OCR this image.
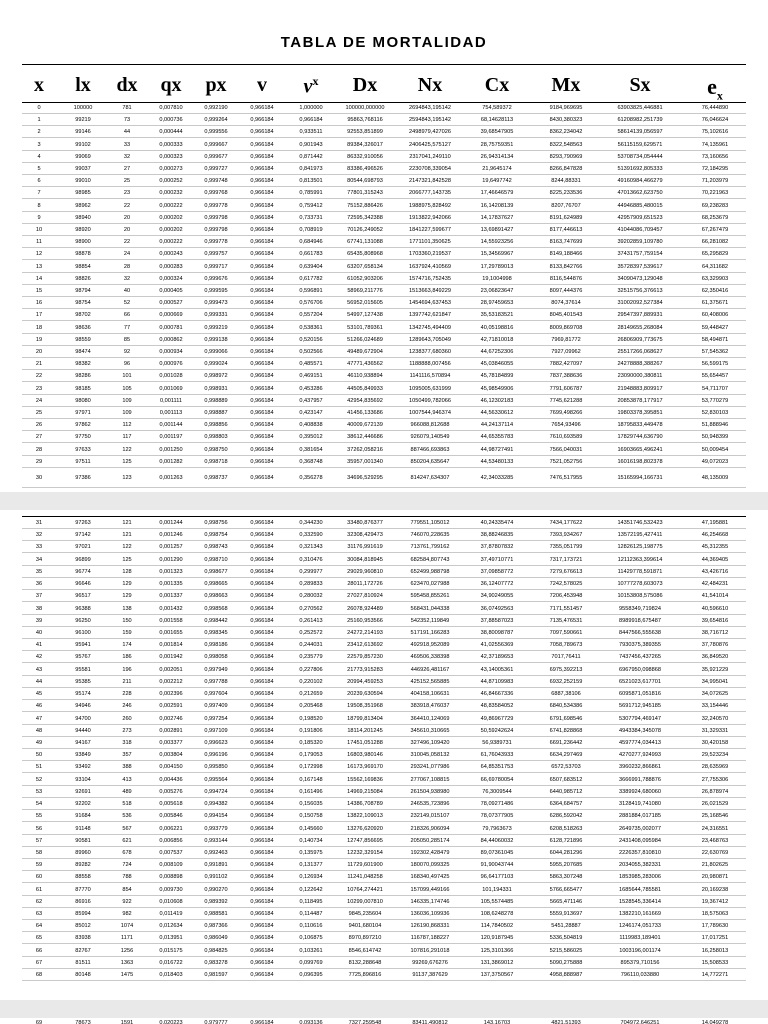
TABLA DE MORTALIDAD
x lx dx qx px v $v^x$ Dx Nx Cx Mx Sx	$e_x$
0	100000	781	0,007810	0,992190	0,966184	1,000000	100000,000000	2694843,195142	754,589372	9184,969695	63903825,446881	76,444890
1	99219	73	0,000736	0,999264	0,966184	0,966184	95863,768116	2594843,195142	68,14628113	8430,380323	61208982,251739	76,046624
2	99146	44	0,000444	0,999556	0,966184	0,933511	92553,851899	2498979,427026	39,68547905	8362,234042	58614139,056597	75,102616
3	99102	33	0,000333	0,999667	0,966184	0,901943	89384,326017	2406425,575127	28,75759351	8322,548563	56115159,629571	74,135961
4	99069	32	0,000323	0,999677	0,966184	0,871442	86332,910056	2317041,249110	26,94314134	8293,790969	53708734,054444	73,160656
5	99037	27	0,000273	0,999727	0,966184	0,841973	83386,496526	2230708,339054	21,9645174	8266,847828	51391692,805333	72,184295
6	99010	25	0,000252	0,999748	0,966184	0,813501	80544,698793	2147321,842528	19,6497742	8244,88331	49160984,466279	71,203979
7	98985	23	0,000232	0,999768	0,966184	0,785991	77801,315243	2066777,143735	17,46646579	8225,233536	47013662,623750	70,221963
8	98962	22	0,000222	0,999778	0,966184	0,759412	75152,886426	1988975,828492	16,14208139	8207,76707	44946885,480015	69,238283
9	98940	20	0,000202	0,999798	0,966184	0,733731	72595,342388	1913822,942066	14,17837627	8191,624989	42957909,651523	68,253679
10	98920	20	0,000202	0,999798	0,966184	0,708919	70126,249052	1841227,599677	13,69891427	8177,446613	41044086,709457	67,267479
11	98900	22	0,000222	0,999778	0,966184	0,684946	67741,131088	1771101,350625	14,55923256	8163,747699	39202859,109780	66,281082
12	98878	24	0,000243	0,999757	0,966184	0,661783	65435,808968	1703360,219537	15,34569967	8149,188466	37431757,759154	65,295829
13	98854	28	0,000283	0,999717	0,966184	0,639404	63207,658134	1637924,410569	17,29789013	8133,842766	35728397,539617	64,311682
14	98826	32	0,000324	0,999676	0,966184	0,617782	61052,903206	1574716,752435	19,1004998	8116,544876	34090473,129048	63,329903
15	98794	40	0,000405	0,999595	0,966184	0,596891	58969,211776	1513663,849229	23,06823647	8097,444376	32515756,376613	62,350416
16	98754	52	0,000527	0,999473	0,966184	0,576706	56952,015605	1454694,637453	28,97459653	8074,37614	31002092,527384	61,375671
17	98702	66	0,000669	0,999331	0,966184	0,557204	54997,127438	1397742,621847	35,53183521	8045,401543	29547397,889931	60,408006
18	98636	77	0,000781	0,999219	0,966184	0,538361	53101,789361	1342745,494409	40,05198816	8009,869708	28149655,268084	59,448427
19	98559	85	0,000862	0,999138	0,966184	0,520156	51266,024689	1289643,705049	42,71810018	7969,81772	26806909,773675	58,494871
20	98474	92	0,000934	0,999066	0,966184	0,502566	49489,672904	1238377,680360	44,67252306	7927,09962	25517266,068627	57,545362
21	98382	96	0,000976	0,999024	0,966184	0,485571	47771,436562	1188888,007456	45,03846055	7882,427097	24278888,388267	56,599175
22	98286	101	0,001028	0,998972	0,966184	0,469151	46110,938894	1141116,570894	45,78184899	7837,388636	23090000,380811	55,654457
23	98185	105	0,001069	0,998931	0,966184	0,453286	44505,849933	1095005,631999	45,98549906	7791,606787	21948883,809917	54,711707
24	98080	109	0,001111	0,998889	0,966184	0,437957	42954,835692	1050499,782066	46,12302183	7745,621288	20853878,177917	53,770279
25	97971	109	0,001113	0,998887	0,966184	0,423147	41456,133686	1007544,946374	44,56330612	7699,498266	19803378,395851	52,830103
26	97862	112	0,001144	0,998856	0,966184	0,408838	40009,672139	966088,812688	44,24137114	7654,93496	18795833,449478	51,888946
27	97750	117	0,001197	0,998803	0,966184	0,395012	38612,446686	926079,140549	44,65355783	7610,693589	17829744,636790	50,948399
28	97633	122	0,001250	0,998750	0,966184	0,381654	37262,058216	887466,693863	44,98727491	7566,040031	16903665,496241	50,009454
29	97511	125	0,001282	0,998718	0,966184	0,368748	35957,001340	850204,635647	44,53480133	7521,052756	16016198,802378	49,072023
30	97386	123	0,001263	0,998737	0,966184	0,356278	34696,529295	814247,634307	42,34033285	7476,517955	15165994,166731	48,135009
31	97263	121	0,001244	0,998756	0,966184	0,344230	33480,876377	779551,105012	40,24335474	7434,177622	14351746,532423	47,195881
32	97142	121	0,001246	0,998754	0,966184	0,332590	32308,429473	746070,228635	38,88246835	7393,934267	13572195,427411	46,254668
33	97021	122	0,001257	0,998743	0,966184	0,321343	31176,991619	713761,799162	37,87807832	7355,051799	12826125,198775	45,312355
34	96899	125	0,001290	0,998710	0,966184	0,310476	30084,818945	682584,807743	37,49710771	7317,173721	12112363,399614	44,369405
35	96774	128	0,001323	0,998677	0,966184	0,299977	29029,960810	652499,988798	37,09858772	7279,676613	11429778,591871	43,426716
36	96646	129	0,001335	0,998665	0,966184	0,289833	28011,172726	623470,027988	36,12407772	7242,578025	10777278,603073	42,484231
37	96517	129	0,001337	0,998663	0,966184	0,280032	27027,810924	595458,855261	34,90249055	7206,453948	10153808,575086	41,541014
38	96388	138	0,001432	0,998568	0,966184	0,270562	26078,924489	568431,044338	36,07492563	7171,551457	9558349,719824	40,596610
39	96250	150	0,001558	0,998442	0,966184	0,261413	25160,953566	542352,119849	37,88587023	7135,476531	8989918,675487	39,654816
40	96100	159	0,001655	0,998345	0,966184	0,252572	24272,214193	517191,166283	38,80098787	7097,590661	8447566,555638	38,716712
41	95941	174	0,001814	0,998186	0,966184	0,244031	23412,613692	492918,952089	41,02556369	7058,789673	7930375,389355	37,780876
42	95767	186	0,001942	0,998058	0,966184	0,235779	22579,857230	469506,338398	42,37189653	7017,76411	7437456,437265	36,849520
43	95581	196	0,002051	0,997949	0,966184	0,227806	21773,915283	446926,481167	43,14005361	6975,392213	6967950,098868	35,921229
44	95385	211	0,002212	0,997788	0,966184	0,220102	20994,459253	425152,565885	44,87109983	6932,252159	6521023,617701	34,995041
45	95174	228	0,002396	0,997604	0,966184	0,212659	20239,630594	404158,106631	46,84667336	6887,38106	6095871,051816	34,072625
46	94946	246	0,002591	0,997409	0,966184	0,205468	19508,351968	383918,476037	48,83584052	6840,534386	5691712,945185	33,154446
47	94700	260	0,002746	0,997254	0,966184	0,198520	18799,813404	364410,124069	49,86967729	6791,698546	5307794,469147	32,240570
48	94440	273	0,002891	0,997109	0,966184	0,191806	18114,201245	345610,310665	50,59242624	6741,828868	4943384,345078	31,329331
49	94167	318	0,003377	0,996623	0,966184	0,185320	17451,051288	327496,109420	56,9389731	6691,236442	4597774,034413	30,420158
50	93849	357	0,003804	0,996196	0,966184	0,179053	16803,980146	310045,058132	61,76043933	6634,297469	4270277,924993	29,523234
51	93492	388	0,004150	0,995850	0,966184	0,172998	16173,969170	293241,077986	64,85351753	6572,53703	3960232,866861	28,635969
52	93104	413	0,004436	0,995564	0,966184	0,167148	15562,169836	277067,108815	66,69780054	6507,683512	3666991,788876	27,755306
53	92691	489	0,005276	0,994724	0,966184	0,161496	14969,215084	261504,938980	76,3009544	6440,985712	3389924,680060	26,878974
54	92202	518	0,005618	0,994382	0,966184	0,156035	14386,708789	246535,723896	78,09271486	6364,684757	3128419,741080	26,021529
55	91684	536	0,005846	0,994154	0,966184	0,150758	13822,109013	232149,015107	78,07377905	6286,592042	2881884,017185	25,168546
56	91148	567	0,006221	0,993779	0,966184	0,145660	13276,620920	218326,906094	79,7963673	6208,518263	2649735,002077	24,316551
57	90581	621	0,006856	0,993144	0,966184	0,140734	12747,856695	205050,285174	84,44060032	6128,721896	2431408,095984	23,468763
58	89960	678	0,007537	0,992463	0,966184	0,135975	12232,329154	192302,428479	89,07361045	6044,281296	2226357,810810	22,630769
59	89282	724	0,008109	0,991891	0,966184	0,131377	11729,601900	180070,099325	91,90043744	5955,207685	2034055,382331	21,802625
60	88558	788	0,008898	0,991102	0,966184	0,126934	11241,048258	168340,497425	96,64177103	5863,307248	1853985,283006	20,980871
61	87770	854	0,009730	0,990270	0,966184	0,122642	10764,274421	157099,449166	101,194331	5766,665477	1685644,785581	20,169238
62	86916	922	0,010608	0,989392	0,966184	0,118495	10299,007810	146335,174746	105,5574485	5665,471146	1528545,336414	19,367412
63	85994	982	0,011419	0,988581	0,966184	0,114487	9845,235604	136036,109936	108,6248278	5559,913697	1382210,161669	18,575063
64	85012	1074	0,012634	0,987366	0,966184	0,110616	9401,680104	126190,868331	114,7840502	5451,28887	1246174,051733	17,789630
65	83938	1171	0,013951	0,986049	0,966184	0,106875	8970,897210	116787,188227	120,9187945	5336,504819	1119983,189401	17,017251
66	82767	1256	0,015175	0,984825	0,966184	0,103261	8546,614742	107816,291018	125,3101366	5215,586025	1003196,001174	16,258013
67	81511	1363	0,016722	0,983278	0,966184	0,099769	8132,288648	99269,676276	131,3869012	5090,275888	895379,710156	15,508533
68	80148	1475	0,018403	0,981597	0,966184	0,096395	7725,896816	91137,387629	137,3750567	4958,888987	796110,033880	14,772271
69	78673	1591	0,020223	0,979777	0,966184	0,093136	7327,259548	83411,490812	143,16703	4821,51393	704972,646251	14,049278
